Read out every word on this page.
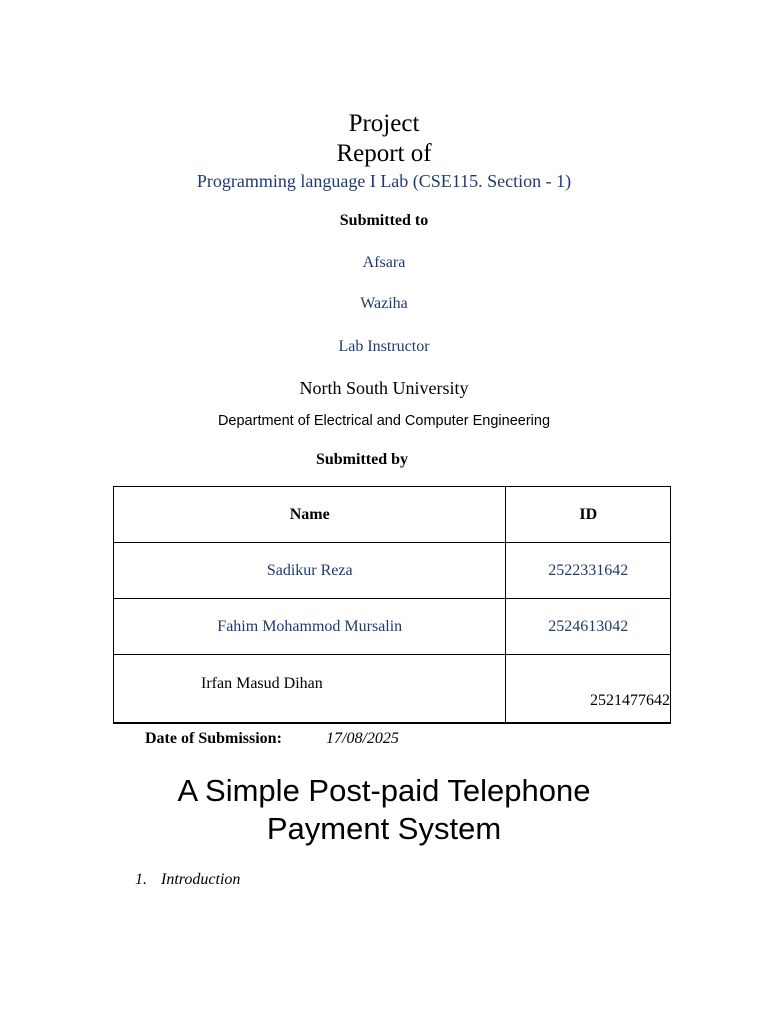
Project
Report of
Programming language I Lab (CSE115. Section - 1)
Submitted to
Afsara
Waziha
Lab Instructor
North South University
Department of Electrical and Computer Engineering
Submitted by
Name	ID
Sadikur Reza	2522331642
Fahim Mohammod Mursalin	2524613042
Irfan Masud Dihan	2521477642
Date of Submission:	17/08/2025
A Simple Post-paid Telephone
Payment System
1. Introduction
